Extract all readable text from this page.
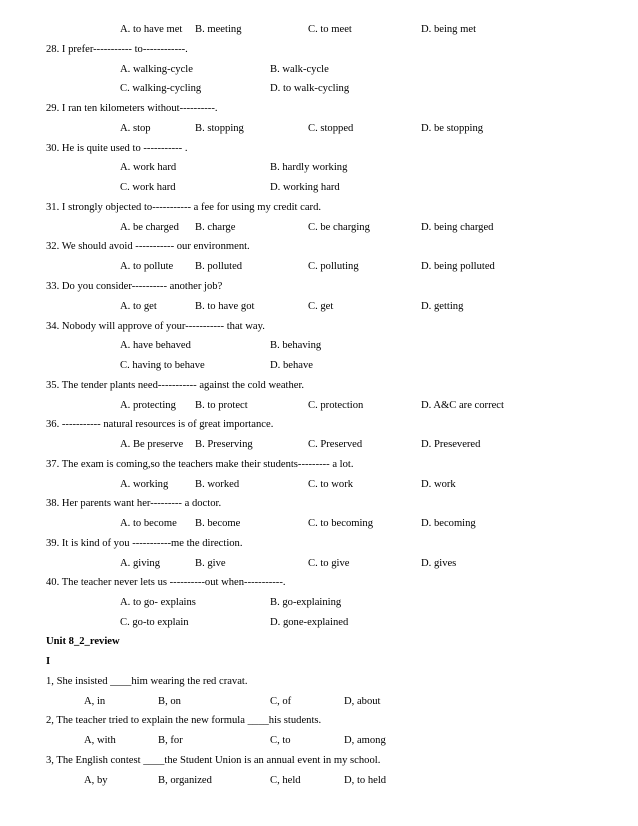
A. to have met B. meeting	C. to meet	D. being met
28. I prefer----------- to------------.
A. walking-cycle	B. walk-cycle
C. walking-cycling	D. to walk-cycling
29. I ran ten kilometers without----------.
A. stop	B. stopping	C. stopped	D. be stopping
30. He is quite used to ----------- .
A. work hard	B. hardly working
C. work hard	D. working hard
31. I strongly objected to----------- a fee for using my credit card.
A. be charged B. charge	C. be charging	D. being charged
32. We should avoid ----------- our environment.
A. to pollute B. polluted	C. polluting	D. being polluted
33. Do you consider---------- another job?
A. to get	B. to have got	C. get	D. getting
34. Nobody will approve of your----------- that way.
A. have behaved	B. behaving
C. having to behave	D. behave
35. The tender plants need----------- against the cold weather.
A. protecting B. to protect	C. protection	D. A&C are correct
36. ----------- natural resources is of great importance.
A. Be preserve B. Preserving	C. Preserved	D. Presevered
37. The exam is coming,so the teachers make their students--------- a lot.
A. working	B. worked	C. to work	D. work
38. Her parents want her--------- a doctor.
A. to become B. become	C. to becoming	D. becoming
39. It is kind of you -----------me the direction.
A. giving	B. give	C. to give	D. gives
40. The teacher never lets us ----------out when-----------.
A. to go- explains	B. go-explaining
C. go-to explain	D. gone-explained
Unit 8_2_review
I
1, She insisted ____him wearing the red cravat.
A, in	B, on	C, of	D, about
2, The teacher tried to explain the new formula ____his students.
A, with	B, for	C, to	D, among
3, The English contest ____the Student Union is an annual event in my school.
A, by	B, organized	C, held	D, to held
